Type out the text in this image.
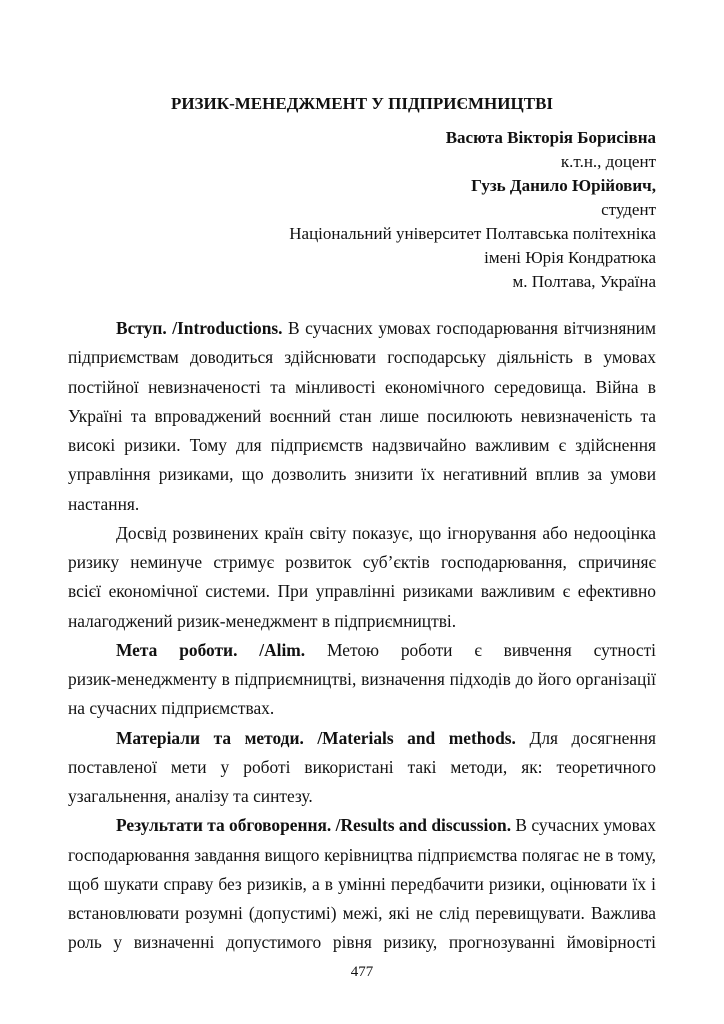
РИЗИК-МЕНЕДЖМЕНТ У ПІДПРИЄМНИЦТВІ
Васюта Вікторія Борисівна
к.т.н., доцент
Гузь Данило Юрійович,
студент
Національний університет Полтавська політехніка
імені Юрія Кондратюка
м. Полтава, Україна
Вступ. /Introductions. В сучасних умовах господарювання вітчизняним
підприємствам доводиться здійснювати господарську діяльність в умовах
постійної невизначеності та мінливості економічного середовища. Війна в
Україні та впроваджений воєнний стан лише посилюють невизначеність та
високі ризики. Тому для підприємств надзвичайно важливим є здійснення
управління ризиками, що дозволить знизити їх негативний вплив за умови
настання.
Досвід розвинених країн світу показує, що ігнорування або недооцінка
ризику неминуче стримує розвиток суб’єктів господарювання, спричиняє
всієї економічної системи. При управлінні ризиками важливим є ефективно
налагоджений ризик-менеджмент в підприємництві.
Мета роботи. /Alim. Метою роботи є вивчення сутності
ризик-менеджменту в підприємництві, визначення підходів до його організації
на сучасних підприємствах.
Матеріали та методи. /Materials and methods. Для досягнення
поставленої мети у роботі використані такі методи, як: теоретичного
узагальнення, аналізу та синтезу.
Результати та обговорення. /Results and discussion. В сучасних умовах
господарювання завдання вищого керівництва підприємства полягає не в тому,
щоб шукати справу без ризиків, а в умінні передбачити ризики, оцінювати їх і
встановлювати розумні (допустимі) межі, які не слід перевищувати. Важлива
роль у визначенні допустимого рівня ризику, прогнозуванні ймовірності
477
